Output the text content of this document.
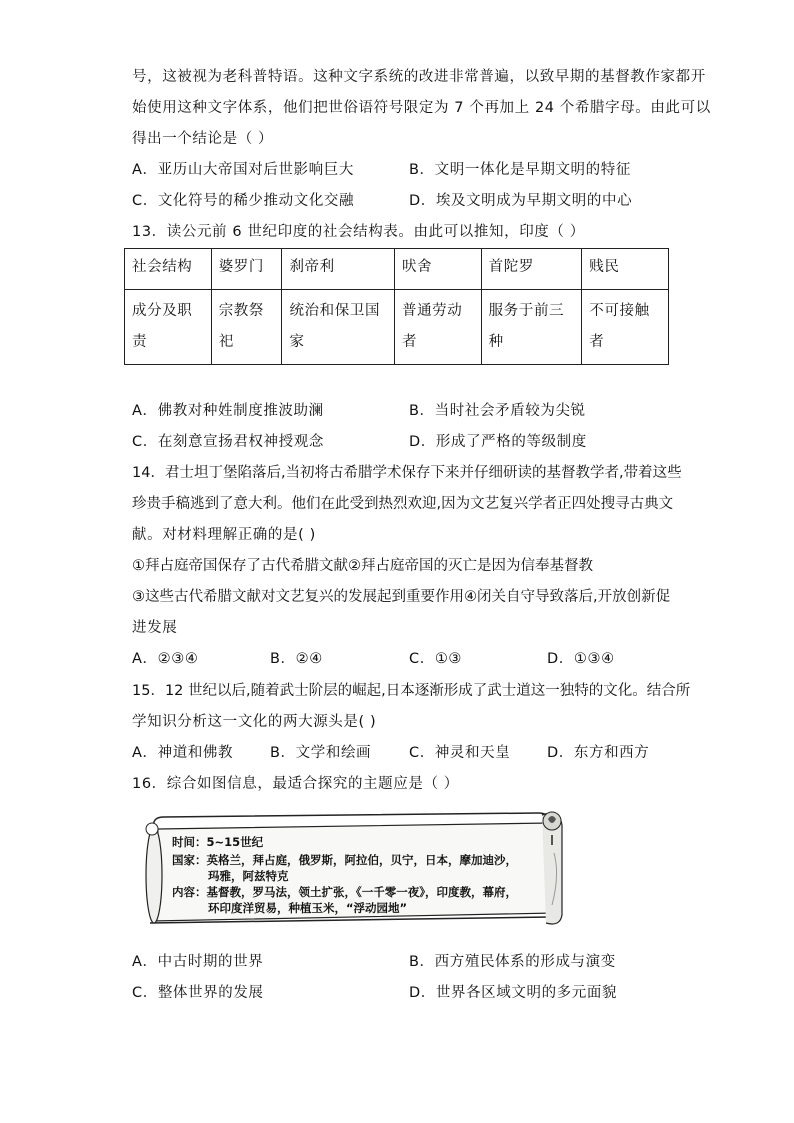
号，这被视为老科普特语。这种文字系统的改进非常普遍，以致早期的基督教作家都开
始使用这种文字体系，他们把世俗语符号限定为 7 个再加上 24 个希腊字母。由此可以
得出一个结论是（ ）
A．亚历山大帝国对后世影响巨大	B．文明一体化是早期文明的特征
C．文化符号的稀少推动文化交融	D．埃及文明成为早期文明的中心
13．读公元前 6 世纪印度的社会结构表。由此可以推知，印度（ ）
社会结构	婆罗门	刹帝利	吠舍	首陀罗	贱民
成分及职责	宗教祭祀	统治和保卫国家	普通劳动者	服务于前三种	不可接触者
A．佛教对种姓制度推波助澜	B．当时社会矛盾较为尖锐
C．在刻意宣扬君权神授观念	D．形成了严格的等级制度
14．君士坦丁堡陷落后,当初将古希腊学术保存下来并仔细研读的基督教学者,带着这些
珍贵手稿逃到了意大利。他们在此受到热烈欢迎,因为文艺复兴学者正四处搜寻古典文
献。对材料理解正确的是( )
①拜占庭帝国保存了古代希腊文献②拜占庭帝国的灭亡是因为信奉基督教
③这些古代希腊文献对文艺复兴的发展起到重要作用④闭关自守导致落后,开放创新促
进发展
A．②③④	B．②④	C．①③	D．①③④
15．12 世纪以后,随着武士阶层的崛起,日本逐渐形成了武士道这一独特的文化。结合所
学知识分析这一文化的两大源头是( )
A．神道和佛教	B．文学和绘画	C．神灵和天皇	D．东方和西方
16．综合如图信息，最适合探究的主题应是（ ）
时间：5~15世纪
国家：英格兰，拜占庭，俄罗斯，阿拉伯，贝宁，日本，摩加迪沙，
玛雅，阿兹特克
内容：基督教，罗马法，领土扩张，《一千零一夜》，印度教，幕府，
环印度洋贸易，种植玉米，“浮动园地”
A．中古时期的世界	B．西方殖民体系的形成与演变
C．整体世界的发展	D．世界各区域文明的多元面貌
